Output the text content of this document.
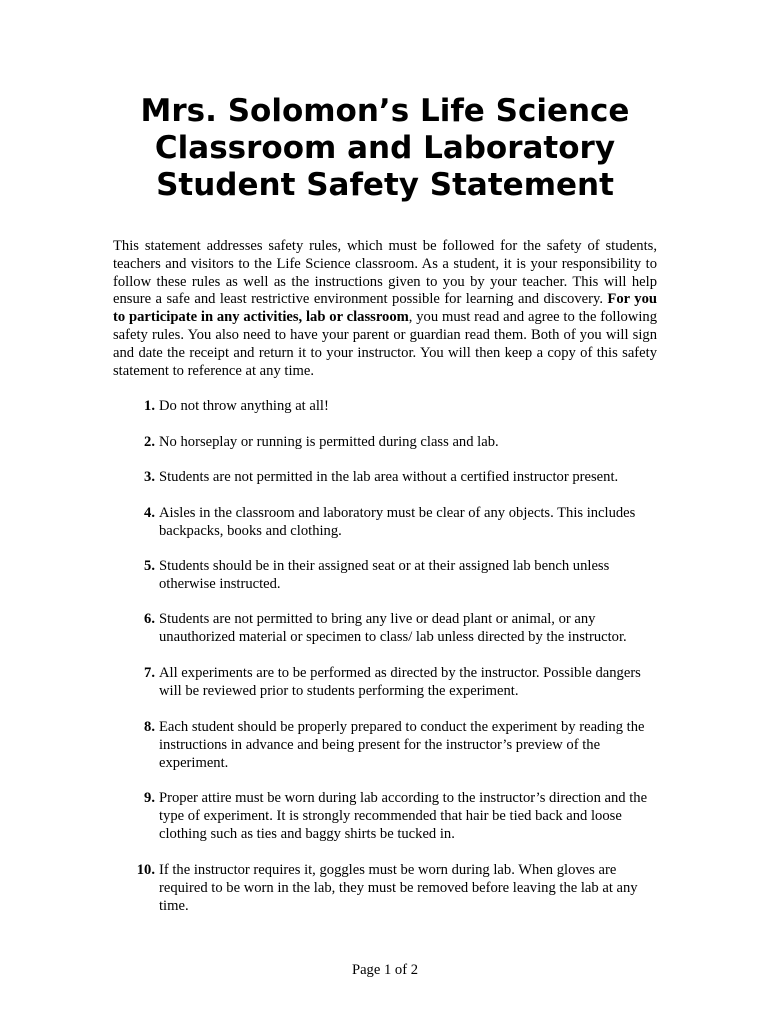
Mrs. Solomon’s Life Science
Classroom and Laboratory
Student Safety Statement

This statement addresses safety rules, which must be followed for the safety of students, teachers and visitors to the Life Science classroom. As a student, it is your responsibility to follow these rules as well as the instructions given to you by your teacher. This will help ensure a safe and least restrictive environment possible for learning and discovery. For you to participate in any activities, lab or classroom, you must read and agree to the following safety rules. You also need to have your parent or guardian read them. Both of you will sign and date the receipt and return it to your instructor. You will then keep a copy of this safety statement to reference at any time.

1. Do not throw anything at all!
2. No horseplay or running is permitted during class and lab.
3. Students are not permitted in the lab area without a certified instructor present.
4. Aisles in the classroom and laboratory must be clear of any objects. This includes backpacks, books and clothing.
5. Students should be in their assigned seat or at their assigned lab bench unless otherwise instructed.
6. Students are not permitted to bring any live or dead plant or animal, or any unauthorized material or specimen to class/ lab unless directed by the instructor.
7. All experiments are to be performed as directed by the instructor. Possible dangers will be reviewed prior to students performing the experiment.
8. Each student should be properly prepared to conduct the experiment by reading the instructions in advance and being present for the instructor’s preview of the experiment.
9. Proper attire must be worn during lab according to the instructor’s direction and the type of experiment. It is strongly recommended that hair be tied back and loose clothing such as ties and baggy shirts be tucked in.
10. If the instructor requires it, goggles must be worn during lab. When gloves are required to be worn in the lab, they must be removed before leaving the lab at any time.
Page 1 of 2
